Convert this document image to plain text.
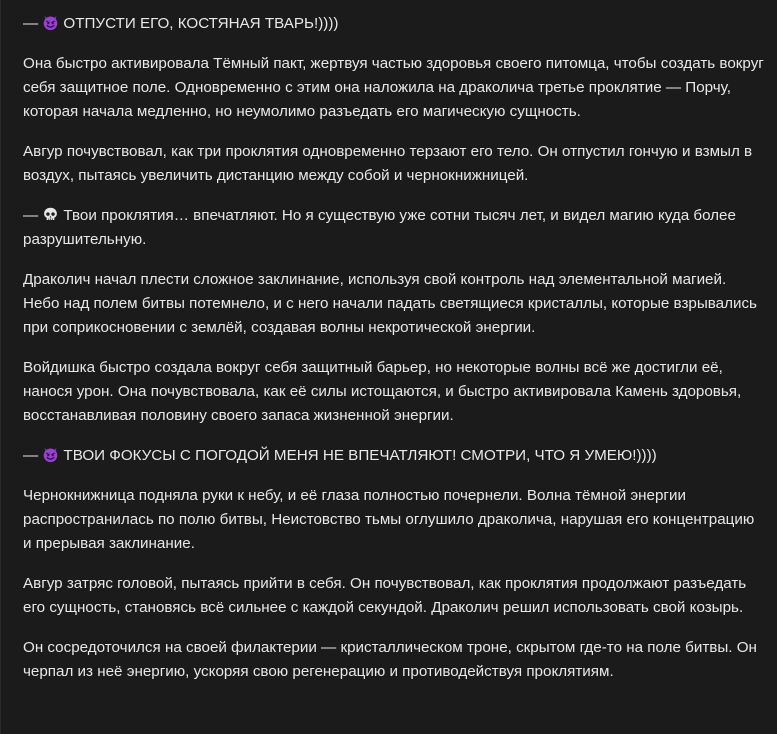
— ОТПУСТИ ЕГО, КОСТЯНАЯ ТВАРЬ!))))

Она быстро активировала Тёмный пакт, жертвуя частью здоровья своего питомца, чтобы создать вокруг себя защитное поле. Одновременно с этим она наложила на драколича третье проклятие — Порчу, которая начала медленно, но неумолимо разъедать его магическую сущность.

Авгур почувствовал, как три проклятия одновременно терзают его тело. Он отпустил гончую и взмыл в воздух, пытаясь увеличить дистанцию между собой и чернокнижницей.

— Твои проклятия… впечатляют. Но я существую уже сотни тысяч лет, и видел магию куда более разрушительную.

Драколич начал плести сложное заклинание, используя свой контроль над элементальной магией. Небо над полем битвы потемнело, и с него начали падать светящиеся кристаллы, которые взрывались при соприкосновении с землёй, создавая волны некротической энергии.

Войдишка быстро создала вокруг себя защитный барьер, но некоторые волны всё же достигли её, нанося урон. Она почувствовала, как её силы истощаются, и быстро активировала Камень здоровья, восстанавливая половину своего запаса жизненной энергии.

— ТВОИ ФОКУСЫ С ПОГОДОЙ МЕНЯ НЕ ВПЕЧАТЛЯЮТ! СМОТРИ, ЧТО Я УМЕЮ!))))

Чернокнижница подняла руки к небу, и её глаза полностью почернели. Волна тёмной энергии распространилась по полю битвы, Неистовство тьмы оглушило драколича, нарушая его концентрацию и прерывая заклинание.

Авгур затряс головой, пытаясь прийти в себя. Он почувствовал, как проклятия продолжают разъедать его сущность, становясь всё сильнее с каждой секундой. Драколич решил использовать свой козырь.

Он сосредоточился на своей филактерии — кристаллическом троне, скрытом где-то на поле битвы. Он черпал из неё энергию, ускоряя свою регенерацию и противодействуя проклятиям.
